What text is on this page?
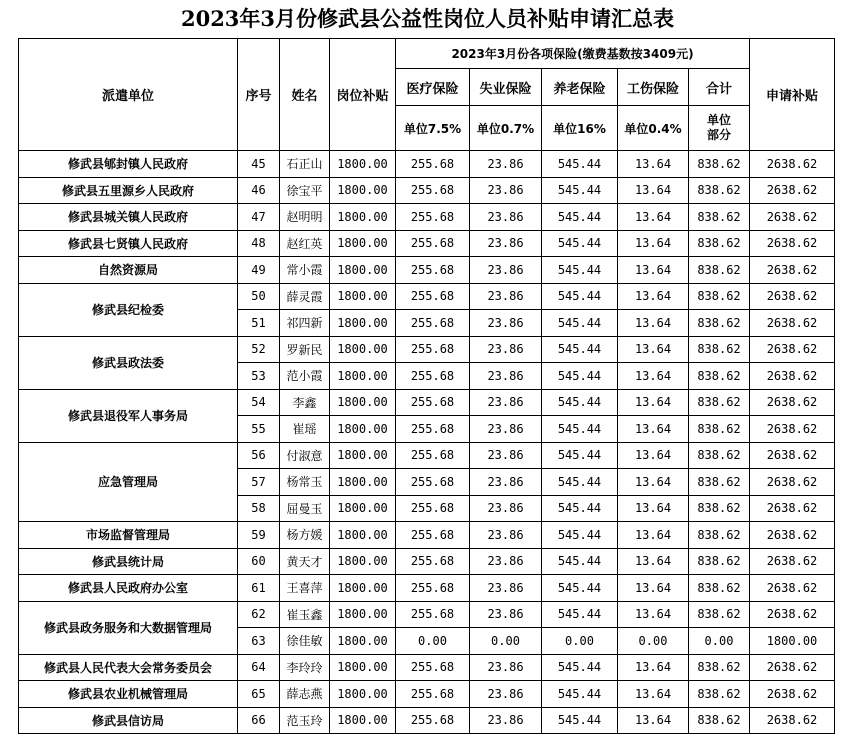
2023年3月份修武县公益性岗位人员补贴申请汇总表
派遣单位	序号	姓名	岗位补贴	2023年3月份各项保险(缴费基数按3409元)					申请补贴
				医疗保险	失业保险	养老保险	工伤保险	合计	
				单位7.5%	单位0.7%	单位16%	单位0.4%	单位部分	
修武县郇封镇人民政府	45	石正山	1800.00	255.68	23.86	545.44	13.64	838.62	2638.62
修武县五里源乡人民政府	46	徐宝平	1800.00	255.68	23.86	545.44	13.64	838.62	2638.62
修武县城关镇人民政府	47	赵明明	1800.00	255.68	23.86	545.44	13.64	838.62	2638.62
修武县七贤镇人民政府	48	赵红英	1800.00	255.68	23.86	545.44	13.64	838.62	2638.62
自然资源局	49	常小霞	1800.00	255.68	23.86	545.44	13.64	838.62	2638.62
修武县纪检委	50	薛灵霞	1800.00	255.68	23.86	545.44	13.64	838.62	2638.62
	51	祁四新	1800.00	255.68	23.86	545.44	13.64	838.62	2638.62
修武县政法委	52	罗新民	1800.00	255.68	23.86	545.44	13.64	838.62	2638.62
	53	范小霞	1800.00	255.68	23.86	545.44	13.64	838.62	2638.62
修武县退役军人事务局	54	李鑫	1800.00	255.68	23.86	545.44	13.64	838.62	2638.62
	55	崔瑶	1800.00	255.68	23.86	545.44	13.64	838.62	2638.62
应急管理局	56	付淑意	1800.00	255.68	23.86	545.44	13.64	838.62	2638.62
	57	杨常玉	1800.00	255.68	23.86	545.44	13.64	838.62	2638.62
	58	屈曼玉	1800.00	255.68	23.86	545.44	13.64	838.62	2638.62
市场监督管理局	59	杨方媛	1800.00	255.68	23.86	545.44	13.64	838.62	2638.62
修武县统计局	60	黄天才	1800.00	255.68	23.86	545.44	13.64	838.62	2638.62
修武县人民政府办公室	61	王喜萍	1800.00	255.68	23.86	545.44	13.64	838.62	2638.62
修武县政务服务和大数据管理局	62	崔玉鑫	1800.00	255.68	23.86	545.44	13.64	838.62	2638.62
	63	徐佳敏	1800.00	0.00	0.00	0.00	0.00	0.00	1800.00
修武县人民代表大会常务委员会	64	李玲玲	1800.00	255.68	23.86	545.44	13.64	838.62	2638.62
修武县农业机械管理局	65	薛志燕	1800.00	255.68	23.86	545.44	13.64	838.62	2638.62
修武县信访局	66	范玉玲	1800.00	255.68	23.86	545.44	13.64	838.62	2638.62
